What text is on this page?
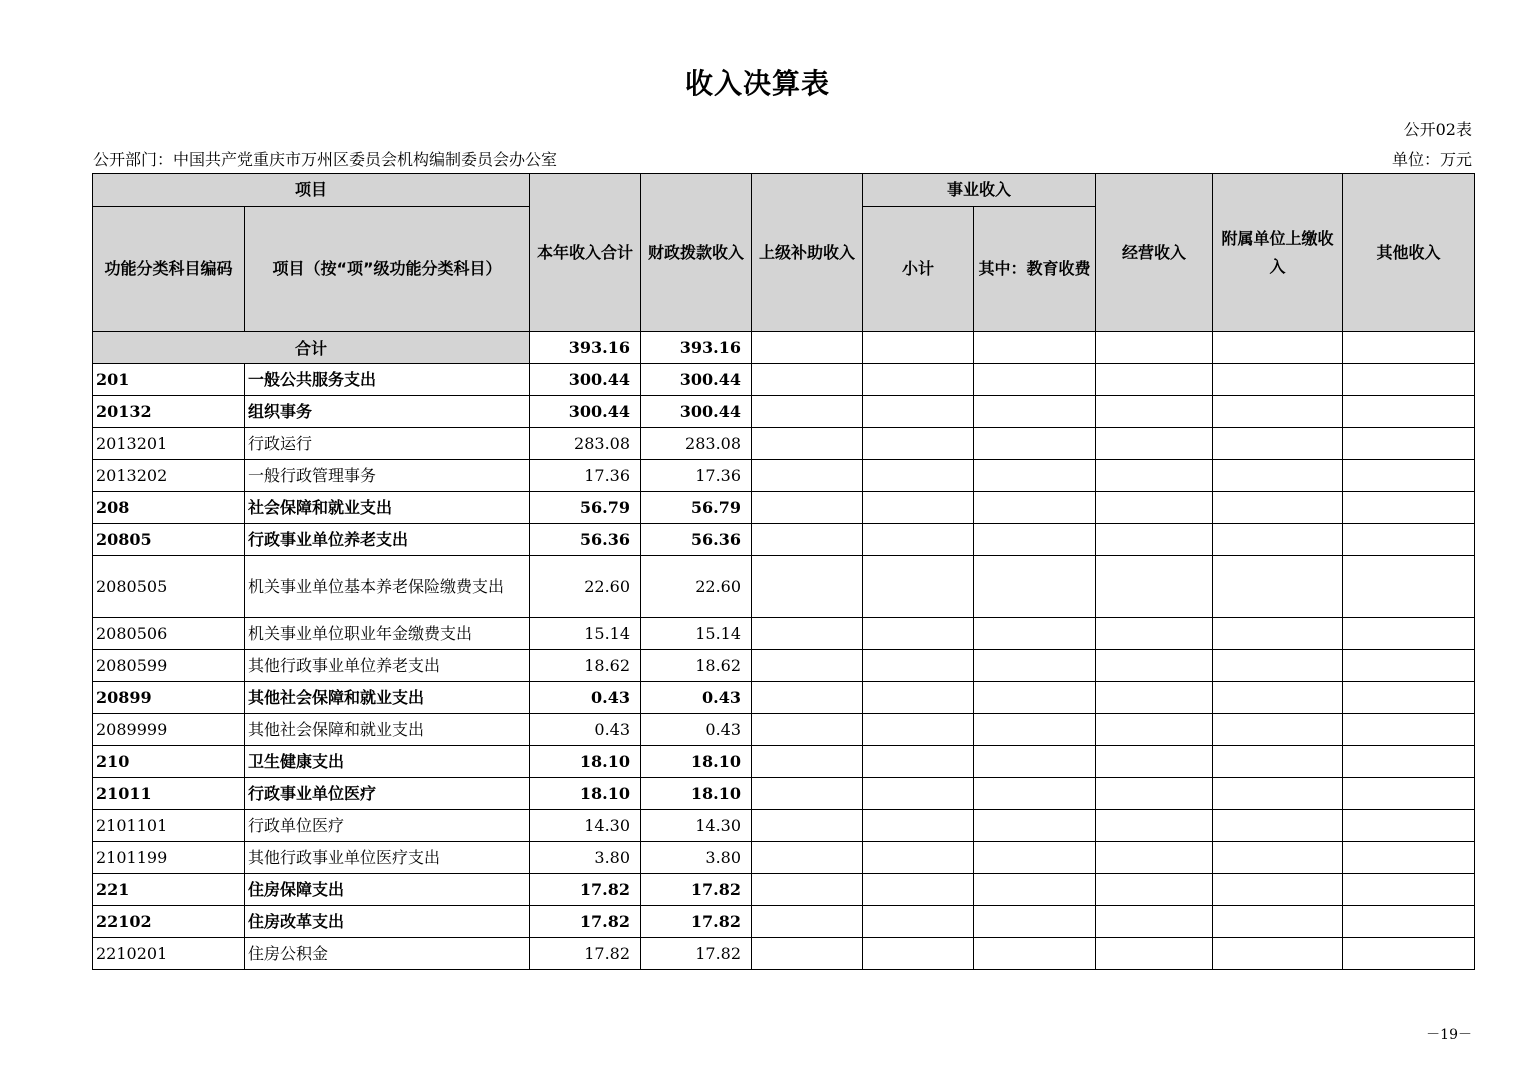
收入决算表
公开02表
公开部门：中国共产党重庆市万州区委员会机构编制委员会办公室	单位：万元
项目		本年收入合计	财政拨款收入	上级补助收入	事业收入		经营收入	附属单位上缴收入	其他收入
功能分类科目编码	项目（按“项”级功能分类科目）				小计	其中：教育收费			
合计		393.16	393.16						
201	一般公共服务支出	300.44	300.44						
20132	组织事务	300.44	300.44						
2013201	行政运行	283.08	283.08						
2013202	一般行政管理事务	17.36	17.36						
208	社会保障和就业支出	56.79	56.79						
20805	行政事业单位养老支出	56.36	56.36						
2080505	机关事业单位基本养老保险缴费支出	22.60	22.60						
2080506	机关事业单位职业年金缴费支出	15.14	15.14						
2080599	其他行政事业单位养老支出	18.62	18.62						
20899	其他社会保障和就业支出	0.43	0.43						
2089999	其他社会保障和就业支出	0.43	0.43						
210	卫生健康支出	18.10	18.10						
21011	行政事业单位医疗	18.10	18.10						
2101101	行政单位医疗	14.30	14.30						
2101199	其他行政事业单位医疗支出	3.80	3.80						
221	住房保障支出	17.82	17.82						
22102	住房改革支出	17.82	17.82						
2210201	住房公积金	17.82	17.82						
－19－
